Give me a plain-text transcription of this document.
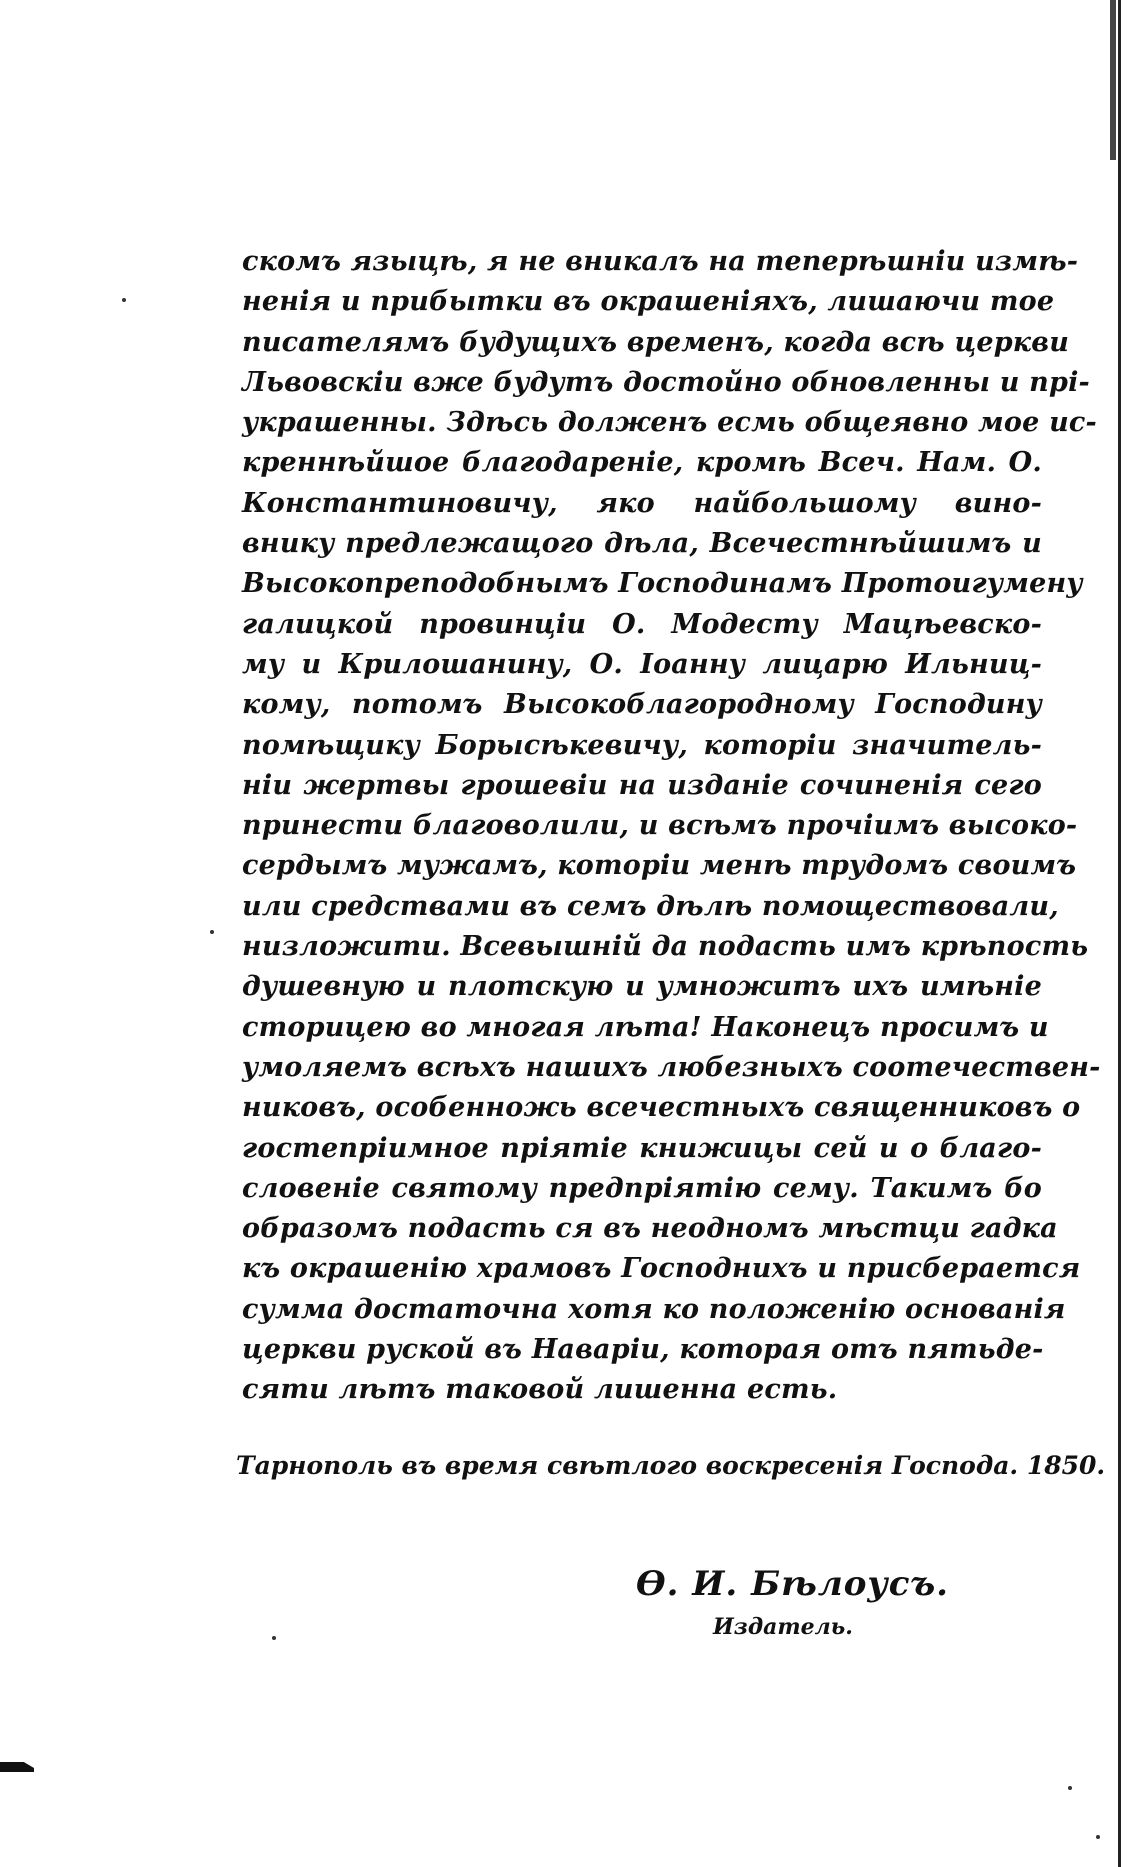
скомъ языцѣ, я не вникалъ на теперѣшніи измѣ-
ненія и прибытки въ окрашеніяхъ, лишаючи тое
писателямъ будущихъ временъ, когда всѣ церкви
Львовскіи вже будутъ достойно обновленны и прі-
украшенны. Здѣсь долженъ есмь общеявно мое ис-
креннѣйшое благодареніе, кромѣ Всеч. Нам. О.
Константиновичу, яко найбольшому вино-
внику предлежащого дѣла, Всечестнѣйшимъ и
Высокопреподобнымъ Господинамъ Протоигумену
галицкой провинціи О. Модесту Мацѣевско-
му и Крилошанину, О. Іоанну лицарю Ильниц-
кому, потомъ Высокоблагородному Господину
помѣщику Борысѣкевичу, которіи значитель-
ніи жертвы грошевіи на изданіе сочиненія сего
принести благоволили, и всѣмъ прочіимъ высоко-
сердымъ мужамъ, которіи менѣ трудомъ своимъ
или средствами въ семъ дѣлѣ помоществовали,
низложити. Всевышній да подасть имъ крѣпость
душевную и плотскую и умножитъ ихъ имѣніе
сторицею во многая лѣта! Наконецъ просимъ и
умоляемъ всѣхъ нашихъ любезныхъ соотечествен-
никовъ, особенножь всечестныхъ священниковъ о
гостепріимное пріятіе книжицы сей и о благо-
словеніе святому предпріятію сему. Такимъ бо
образомъ подасть ся въ неодномъ мѣстци гадка
къ окрашенію храмовъ Господнихъ и присберается
сумма достаточна хотя ко положенію основанія
церкви руской въ Наваріи, которая отъ пятьде-
сяти лѣтъ таковой лишенна есть.
Тарнополь въ время свѣтлого воскресенія Господа. 1850.
Ѳ. И. Бѣлоусъ.
Издатель.
